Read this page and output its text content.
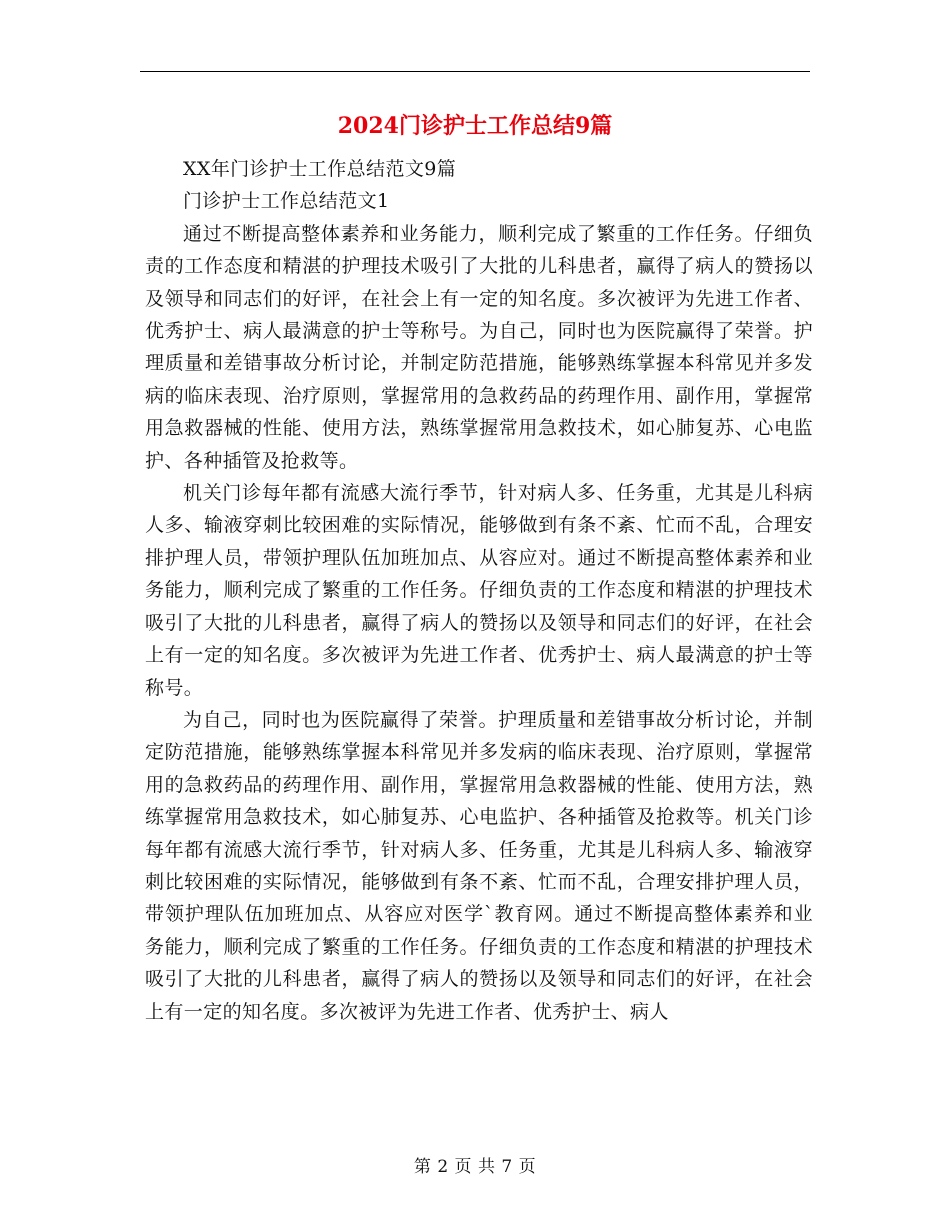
2024门诊护士工作总结9篇

XX年门诊护士工作总结范文9篇

门诊护士工作总结范文1

通过不断提高整体素养和业务能力，顺利完成了繁重的工作任务。仔细负责的工作态度和精湛的护理技术吸引了大批的儿科患者，赢得了病人的赞扬以及领导和同志们的好评，在社会上有一定的知名度。多次被评为先进工作者、优秀护士、病人最满意的护士等称号。为自己，同时也为医院赢得了荣誉。护理质量和差错事故分析讨论，并制定防范措施，能够熟练掌握本科常见并多发病的临床表现、治疗原则，掌握常用的急救药品的药理作用、副作用，掌握常用急救器械的性能、使用方法，熟练掌握常用急救技术，如心肺复苏、心电监护、各种插管及抢救等。

机关门诊每年都有流感大流行季节，针对病人多、任务重，尤其是儿科病人多、输液穿刺比较困难的实际情况，能够做到有条不紊、忙而不乱，合理安排护理人员，带领护理队伍加班加点、从容应对。通过不断提高整体素养和业务能力，顺利完成了繁重的工作任务。仔细负责的工作态度和精湛的护理技术吸引了大批的儿科患者，赢得了病人的赞扬以及领导和同志们的好评，在社会上有一定的知名度。多次被评为先进工作者、优秀护士、病人最满意的护士等称号。

为自己，同时也为医院赢得了荣誉。护理质量和差错事故分析讨论，并制定防范措施，能够熟练掌握本科常见并多发病的临床表现、治疗原则，掌握常用的急救药品的药理作用、副作用，掌握常用急救器械的性能、使用方法，熟练掌握常用急救技术，如心肺复苏、心电监护、各种插管及抢救等。机关门诊每年都有流感大流行季节，针对病人多、任务重，尤其是儿科病人多、输液穿刺比较困难的实际情况，能够做到有条不紊、忙而不乱，合理安排护理人员，带领护理队伍加班加点、从容应对医学`教育网。通过不断提高整体素养和业务能力，顺利完成了繁重的工作任务。仔细负责的工作态度和精湛的护理技术吸引了大批的儿科患者，赢得了病人的赞扬以及领导和同志们的好评，在社会上有一定的知名度。多次被评为先进工作者、优秀护士、病人

第 2 页 共 7 页
